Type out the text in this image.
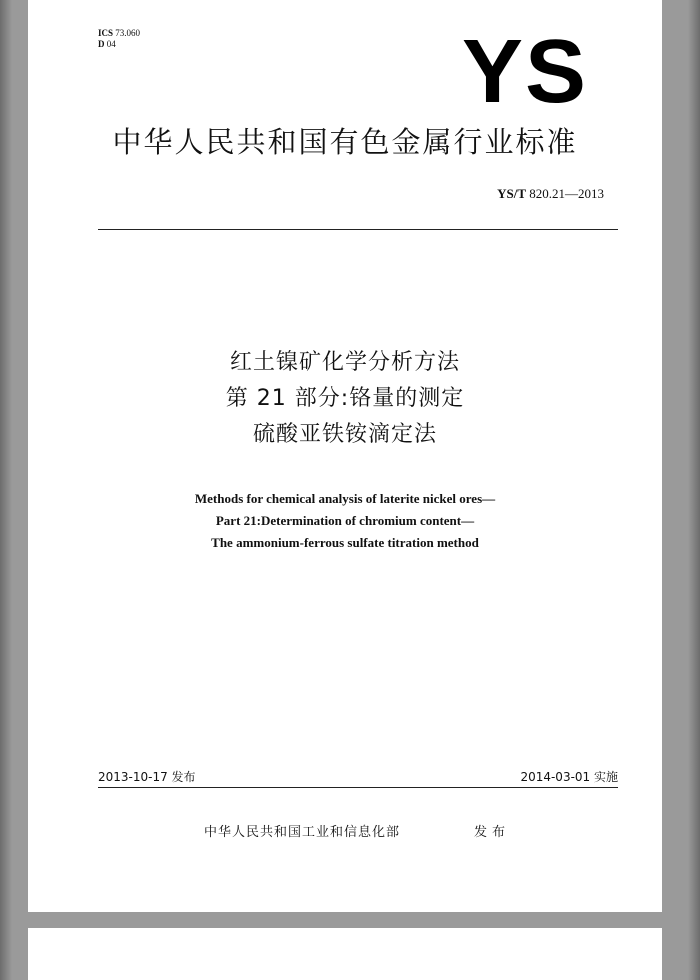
ICS 73.060
D 04	YS
中华人民共和国有色金属行业标准
YS/T 820.21—2013
红土镍矿化学分析方法
第 21 部分:铬量的测定
硫酸亚铁铵滴定法
Methods for chemical analysis of laterite nickel ores—
Part 21:Determination of chromium content—
The ammonium-ferrous sulfate titration method
2013-10-17 发布	2014-03-01 实施
中华人民共和国工业和信息化部	发布
